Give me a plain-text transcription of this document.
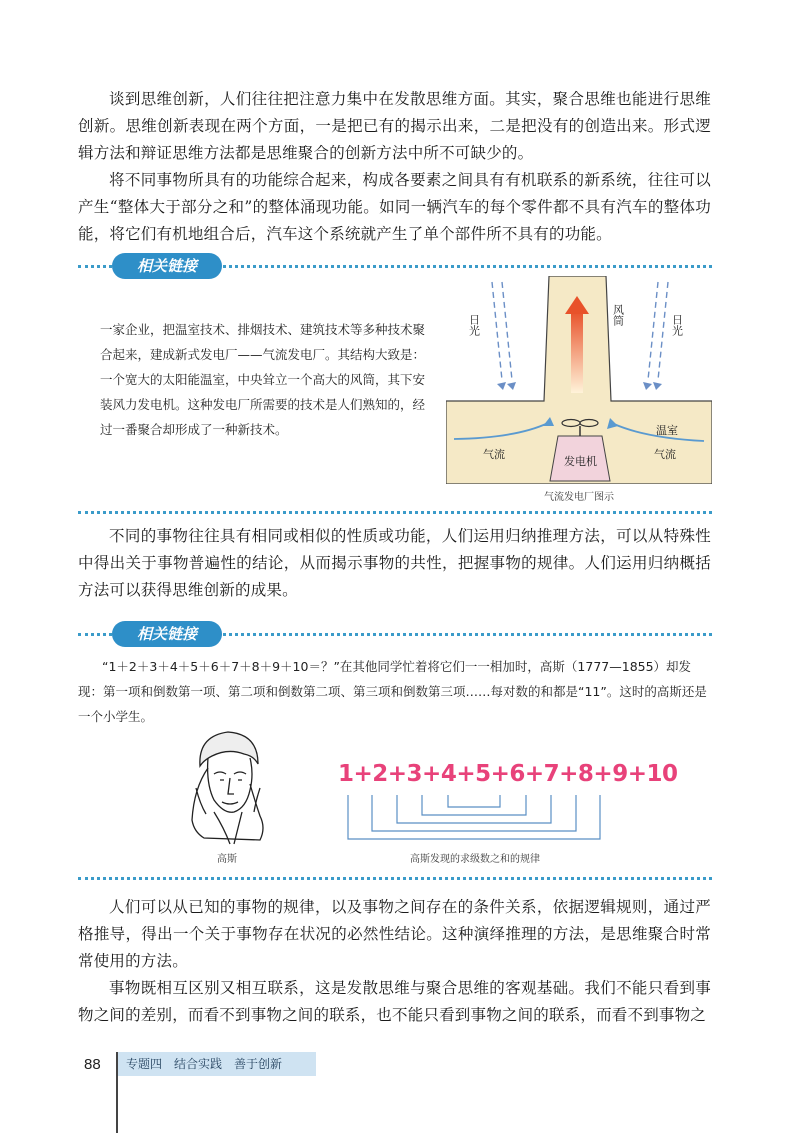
谈到思维创新，人们往往把注意力集中在发散思维方面。其实，聚合思维也能进行思维创新。思维创新表现在两个方面，一是把已有的揭示出来，二是把没有的创造出来。形式逻辑方法和辩证思维方法都是思维聚合的创新方法中所不可缺少的。

将不同事物所具有的功能综合起来，构成各要素之间具有有机联系的新系统，往往可以产生“整体大于部分之和”的整体涌现功能。如同一辆汽车的每个零件都不具有汽车的整体功能，将它们有机地组合后，汽车这个系统就产生了单个部件所不具有的功能。

相关链接
一家企业，把温室技术、排烟技术、建筑技术等多种技术聚合起来，建成新式发电厂——气流发电厂。其结构大致是：一个宽大的太阳能温室，中央耸立一个高大的风筒，其下安装风力发电机。这种发电厂所需要的技术是人们熟知的，经过一番聚合却形成了一种新技术。
日光	日光
风筒
温室
气流	气流
发电机
气流发电厂图示

不同的事物往往具有相同或相似的性质或功能，人们运用归纳推理方法，可以从特殊性中得出关于事物普遍性的结论，从而揭示事物的共性，把握事物的规律。人们运用归纳概括方法可以获得思维创新的成果。

相关链接
“1＋2＋3＋4＋5＋6＋7＋8＋9＋10＝？”在其他同学忙着将它们一一相加时，高斯（1777—1855）却发现：第一项和倒数第一项、第二项和倒数第二项、第三项和倒数第三项……每对数的和都是“11”。这时的高斯还是一个小学生。
高斯
1+2+3+4+5+6+7+8+9+10
高斯发现的求级数之和的规律

人们可以从已知的事物的规律，以及事物之间存在的条件关系，依据逻辑规则，通过严格推导，得出一个关于事物存在状况的必然性结论。这种演绎推理的方法，是思维聚合时常常使用的方法。

事物既相互区别又相互联系，这是发散思维与聚合思维的客观基础。我们不能只看到事物之间的差别，而看不到事物之间的联系，也不能只看到事物之间的联系，而看不到事物之

88	专题四　结合实践　善于创新
